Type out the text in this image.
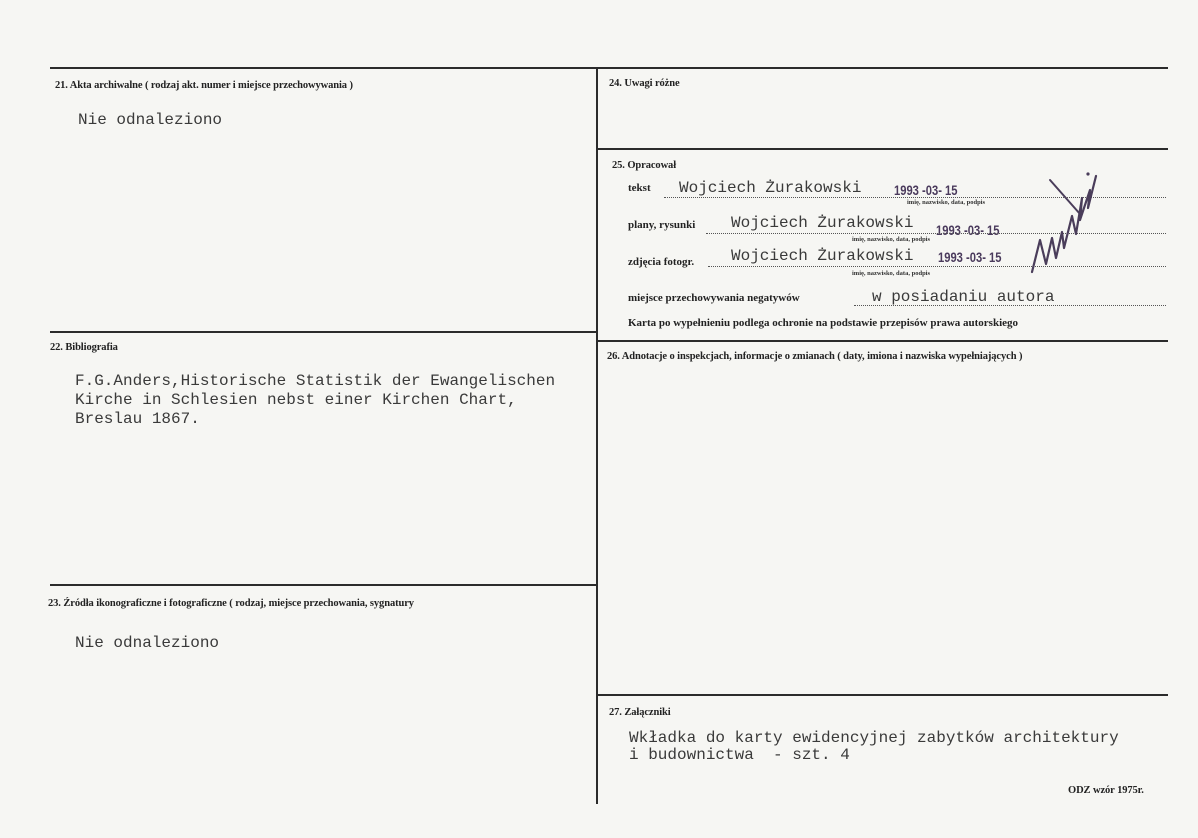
21. Akta archiwalne ( rodzaj akt. numer i miejsce przechowywania )
Nie odnaleziono
22. Bibliografia
F.G.Anders,Historische Statistik der Ewangelischen
Kirche in Schlesien nebst einer Kirchen Chart,
Breslau 1867.
23. Źródła ikonograficzne i fotograficzne ( rodzaj, miejsce przechowania, sygnatury
Nie odnaleziono
24. Uwagi różne
25. Opracował
tekst Wojciech Żurakowski 1993 -03- 15
imię, nazwisko, data, podpis
plany, rysunki Wojciech Żurakowski 1993 -03- 15
imię, nazwisko, data, podpis
zdjęcia fotogr. Wojciech Żurakowski 1993 -03- 15
imię, nazwisko, data, podpis
miejsce przechowywania negatywów	w posiadaniu autora
Karta po wypełnieniu podlega ochronie na podstawie przepisów prawa autorskiego
26. Adnotacje o inspekcjach, informacje o zmianach ( daty, imiona i nazwiska wypełniających )
27. Załączniki
Wkładka do karty ewidencyjnej zabytków architektury
i budownictwa  - szt. 4
ODZ wzór 1975r.
